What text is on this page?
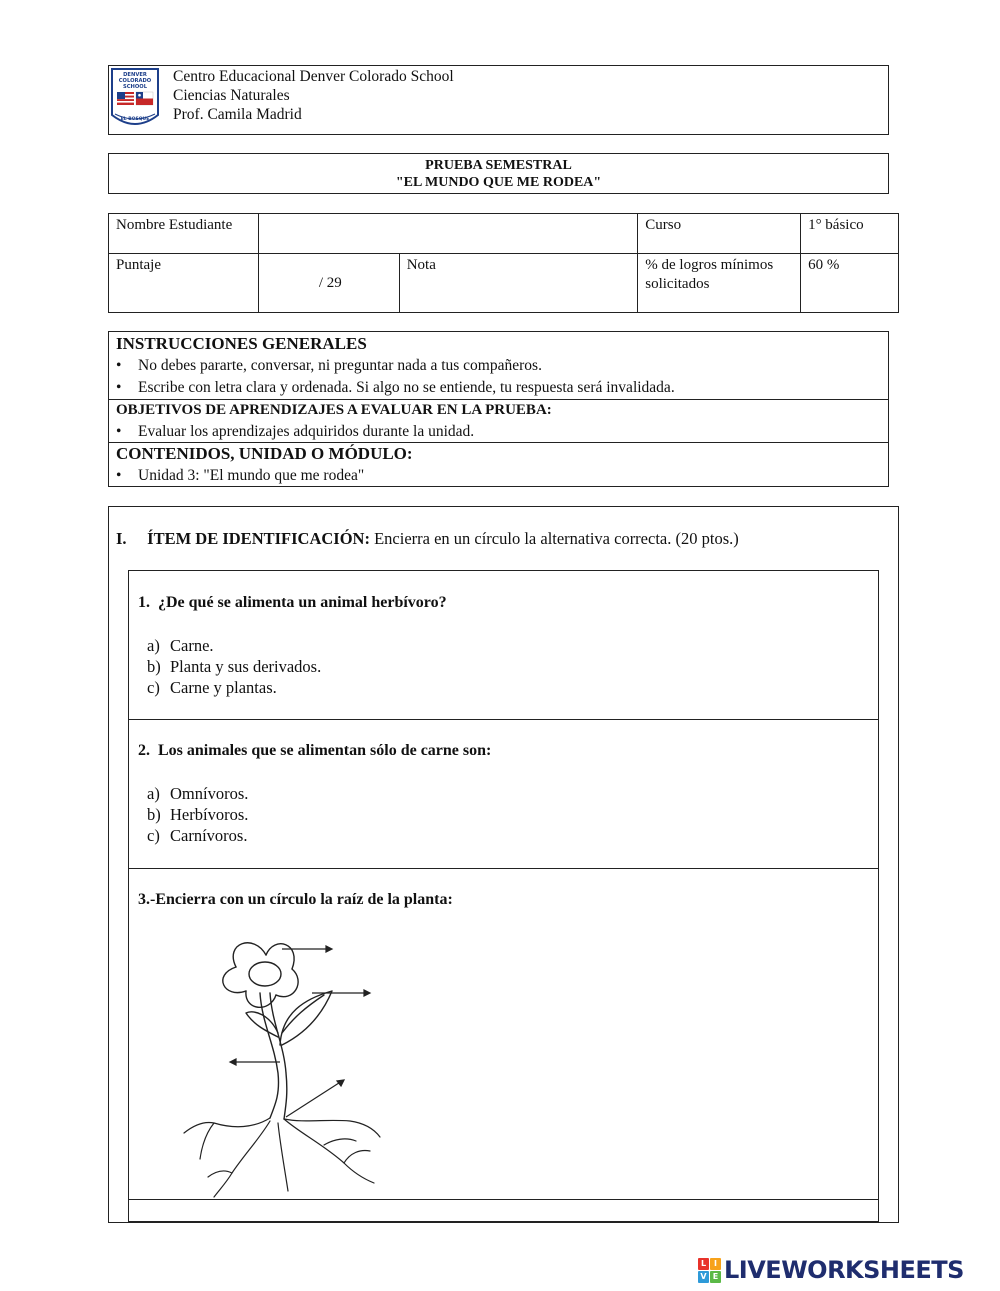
DENVER
COLORADO
SCHOOL
EL BOSQUE
Centro Educacional Denver Colorado School
Ciencias Naturales
Prof. Camila Madrid
PRUEBA SEMESTRAL
"EL MUNDO QUE ME RODEA"
Nombre Estudiante			Curso	1° básico
Puntaje	/ 29	Nota	% de logros mínimos solicitados	60 %
INSTRUCCIONES GENERALES
• No debes pararte, conversar, ni preguntar nada a tus compañeros.
• Escribe con letra clara y ordenada. Si algo no se entiende, tu respuesta será invalidada.
OBJETIVOS DE APRENDIZAJES A EVALUAR EN LA PRUEBA:
• Evaluar los aprendizajes adquiridos durante la unidad.
CONTENIDOS, UNIDAD O MÓDULO:
• Unidad 3: "El mundo que me rodea"
I. ÍTEM DE IDENTIFICACIÓN: Encierra en un círculo la alternativa correcta. (20 ptos.)
1. ¿De qué se alimenta un animal herbívoro?
a) Carne.
b) Planta y sus derivados.
c) Carne y plantas.
2. Los animales que se alimentan sólo de carne son:
a) Omnívoros.
b) Herbívoros.
c) Carnívoros.
3.-Encierra con un círculo la raíz de la planta:
L I
V E LIVEWORKSHEETS
